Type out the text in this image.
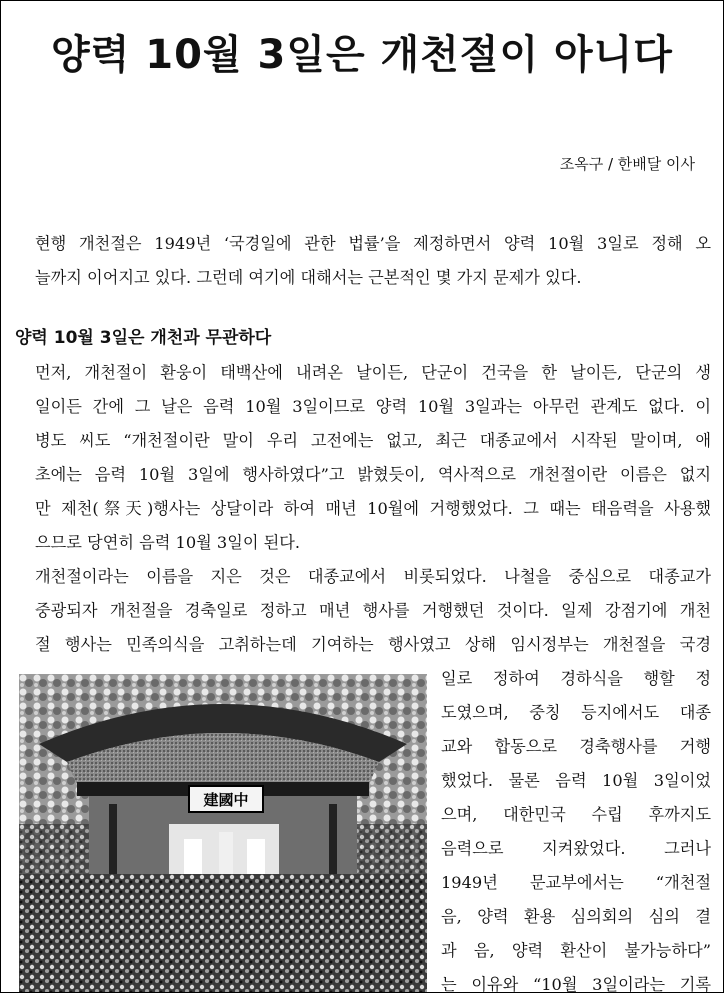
양력 10월 3일은 개천절이 아니다
조옥구 / 한배달 이사

현행 개천절은 1949년 ‘국경일에 관한 법률’을 제정하면서 양력 10월 3일로 정해 오
늘까지 이어지고 있다. 그런데 여기에 대해서는 근본적인 몇 가지 문제가 있다.

양력 10월 3일은 개천과 무관하다

먼저, 개천절이 환웅이 태백산에 내려온 날이든, 단군이 건국을 한 날이든, 단군의 생
일이든 간에 그 날은 음력 10월 3일이므로 양력 10월 3일과는 아무런 관계도 없다. 이
병도 씨도 “개천절이란 말이 우리 고전에는 없고, 최근 대종교에서 시작된 말이며, 애
초에는 음력 10월 3일에 행사하였다”고 밝혔듯이, 역사적으로 개천절이란 이름은 없지
만 제천(祭天)행사는 상달이라 하여 매년 10월에 거행했었다. 그 때는 태음력을 사용했
으므로 당연히 음력 10월 3일이 된다.

개천절이라는 이름을 지은 것은 대종교에서 비롯되었다. 나철을 중심으로 대종교가
중광되자 개천절을 경축일로 정하고 매년 행사를 거행했던 것이다. 일제 강점기에 개천
절 행사는 민족의식을 고취하는데 기여하는 행사였고 상해 임시정부는 개천절을 국경

建國中
일로 정하여 경하식을 행할 정
도였으며, 중칭 등지에서도 대종
교와 합동으로 경축행사를 거행
했었다. 물론 음력 10월 3일이었
으며, 대한민국 수립 후까지도
음력으로 지켜왔었다. 그러나
1949년 문교부에서는 “개천절
음, 양력 환용 심의회의 심의 결
과 음, 양력 환산이 불가능하다”
는 이유와 “10월 3일이라는 기록
